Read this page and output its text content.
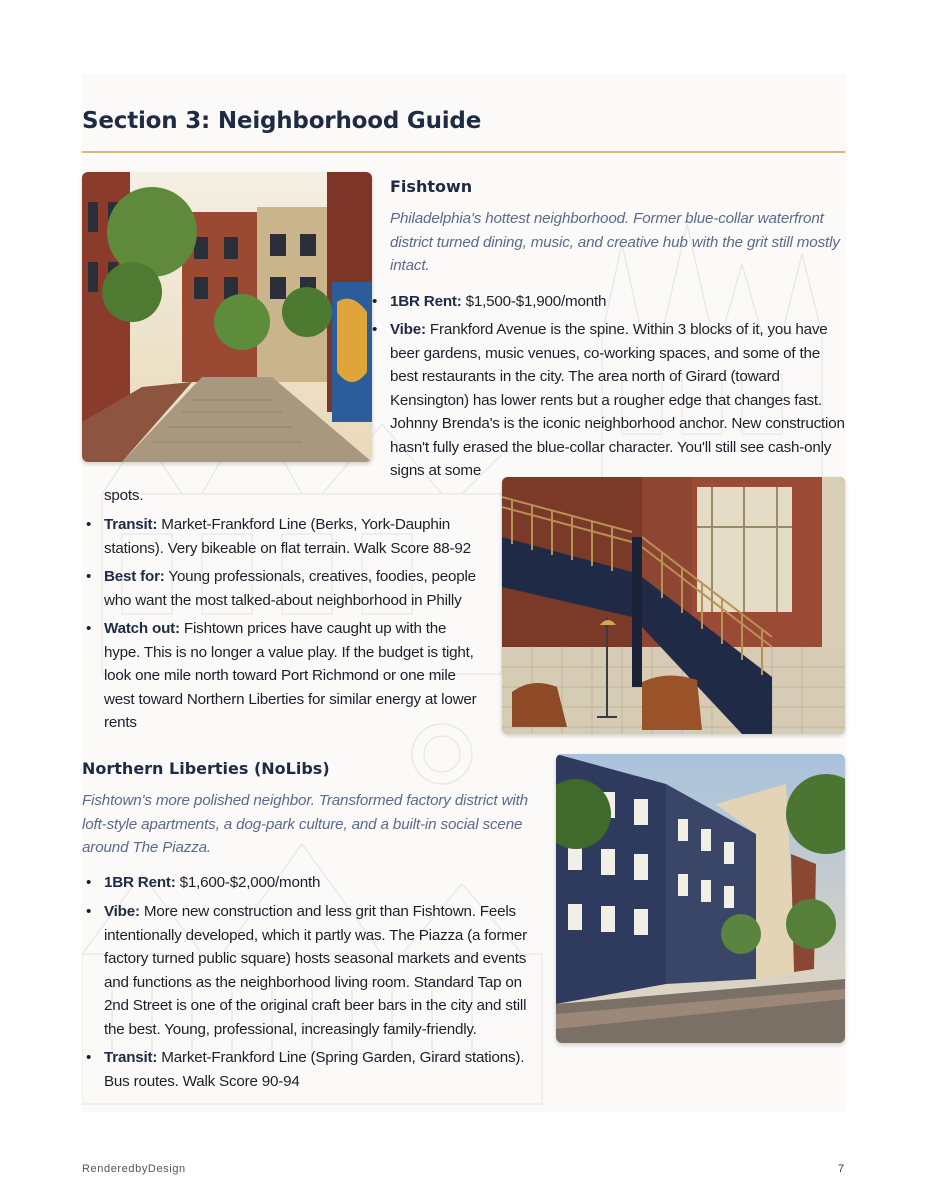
Section 3: Neighborhood Guide
Fishtown
Philadelphia's hottest neighborhood. Former blue-collar waterfront district turned dining, music, and creative hub with the grit still mostly intact.
• 1BR Rent: $1,500-$1,900/month
• Vibe: Frankford Avenue is the spine. Within 3 blocks of it, you have beer gardens, music venues, co-working spaces, and some of the best restaurants in the city. The area north of Girard (toward Kensington) has lower rents but a rougher edge that changes fast. Johnny Brenda's is the iconic neighborhood anchor. New construction hasn't fully erased the blue-collar character. You'll still see cash-only signs at some
spots.
• Transit: Market-Frankford Line (Berks, York-Dauphin stations). Very bikeable on flat terrain. Walk Score 88-92
• Best for: Young professionals, creatives, foodies, people who want the most talked-about neighborhood in Philly
• Watch out: Fishtown prices have caught up with the hype. This is no longer a value play. If the budget is tight, look one mile north toward Port Richmond or one mile west toward Northern Liberties for similar energy at lower rents
Northern Liberties (NoLibs)
Fishtown's more polished neighbor. Transformed factory district with loft-style apartments, a dog-park culture, and a built-in social scene around The Piazza.
• 1BR Rent: $1,600-$2,000/month
• Vibe: More new construction and less grit than Fishtown. Feels intentionally developed, which it partly was. The Piazza (a former factory turned public square) hosts seasonal markets and events and functions as the neighborhood living room. Standard Tap on 2nd Street is one of the original craft beer bars in the city and still the best. Young, professional, increasingly family-friendly.
• Transit: Market-Frankford Line (Spring Garden, Girard stations). Bus routes. Walk Score 90-94
RenderedbyDesign	7
